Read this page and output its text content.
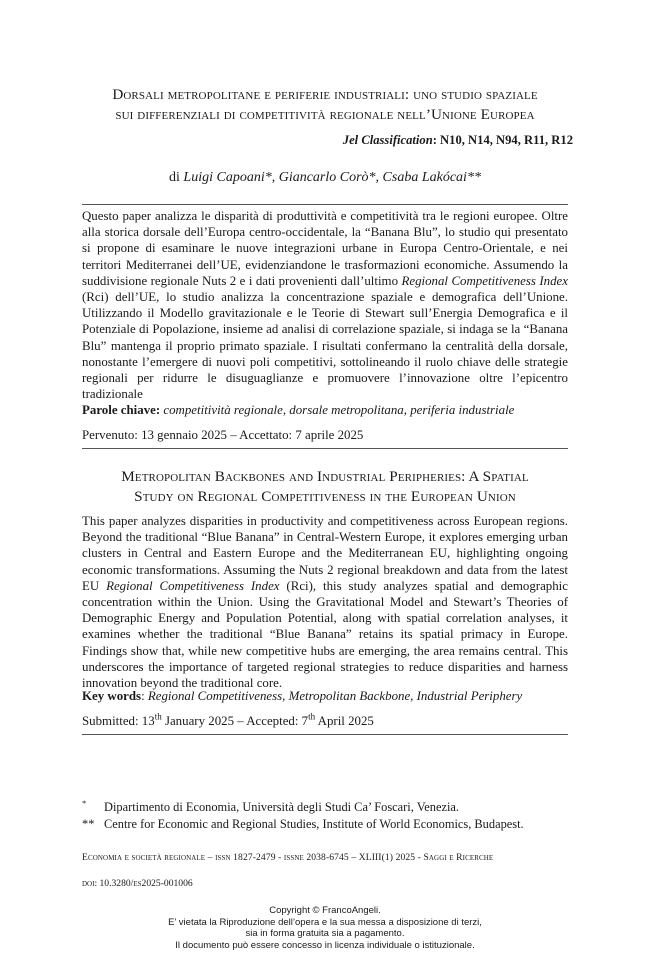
Dorsali metropolitane e periferie industriali: uno studio spaziale
sui differenziali di competitività regionale nell’Unione Europea
Jel Classification: N10, N14, N94, R11, R12
di Luigi Capoani*, Giancarlo Corò*, Csaba Lakócai**
Questo paper analizza le disparità di produttività e competitività tra le regioni europee. Oltre alla storica dorsale dell’Europa centro-occidentale, la “Banana Blu”, lo studio qui presentato si propone di esaminare le nuove integrazioni urbane in Europa Centro-Orientale, e nei territori Mediterranei dell’UE, evidenziandone le trasformazioni economiche. Assumendo la suddivisione regionale Nuts 2 e i dati provenienti dall’ultimo Regional Competitiveness Index (Rci) dell’UE, lo studio analizza la concentrazione spaziale e demografica dell’Unione. Utilizzando il Modello gravitazionale e le Teorie di Stewart sull’Energia Demografica e il Potenziale di Popolazione, insieme ad analisi di correlazione spaziale, si indaga se la “Banana Blu” mantenga il proprio primato spaziale. I risultati confermano la centralità della dorsale, nonostante l’emergere di nuovi poli competitivi, sottolineando il ruolo chiave delle strategie regionali per ridurre le disuguaglianze e promuovere l’innovazione oltre l’epicentro tradizionale
Parole chiave: competitività regionale, dorsale metropolitana, periferia industriale
Pervenuto: 13 gennaio 2025 – Accettato: 7 aprile 2025
Metropolitan Backbones and Industrial Peripheries: A Spatial
Study on Regional Competitiveness in the European Union
This paper analyzes disparities in productivity and competitiveness across European regions. Beyond the traditional “Blue Banana” in Central-Western Europe, it explores emerging urban clusters in Central and Eastern Europe and the Mediterranean EU, highlighting ongoing economic transformations. Assuming the Nuts 2 regional breakdown and data from the latest EU Regional Competitiveness Index (Rci), this study analyzes spatial and demographic concentration within the Union. Using the Gravitational Model and Stewart’s Theories of Demographic Energy and Population Potential, along with spatial correlation analyses, it examines whether the traditional “Blue Banana” retains its spatial primacy in Europe. Findings show that, while new competitive hubs are emerging, the area remains central. This underscores the importance of targeted regional strategies to reduce disparities and harness innovation beyond the traditional core.
Key words: Regional Competitiveness, Metropolitan Backbone, Industrial Periphery
Submitted: 13th January 2025 – Accepted: 7th April 2025
* Dipartimento di Economia, Università degli Studi Ca’ Foscari, Venezia.
** Centre for Economic and Regional Studies, Institute of World Economics, Budapest.
Economia e società regionale – issn 1827-2479 - issne 2038-6745 – XLIII(1) 2025 - Saggi e Ricerche
doi: 10.3280/es2025-001006
Copyright © FrancoAngeli.
E’ vietata la Riproduzione dell’opera e la sua messa a disposizione di terzi,
sia in forma gratuita sia a pagamento.
Il documento può essere concesso in licenza individuale o istituzionale.
